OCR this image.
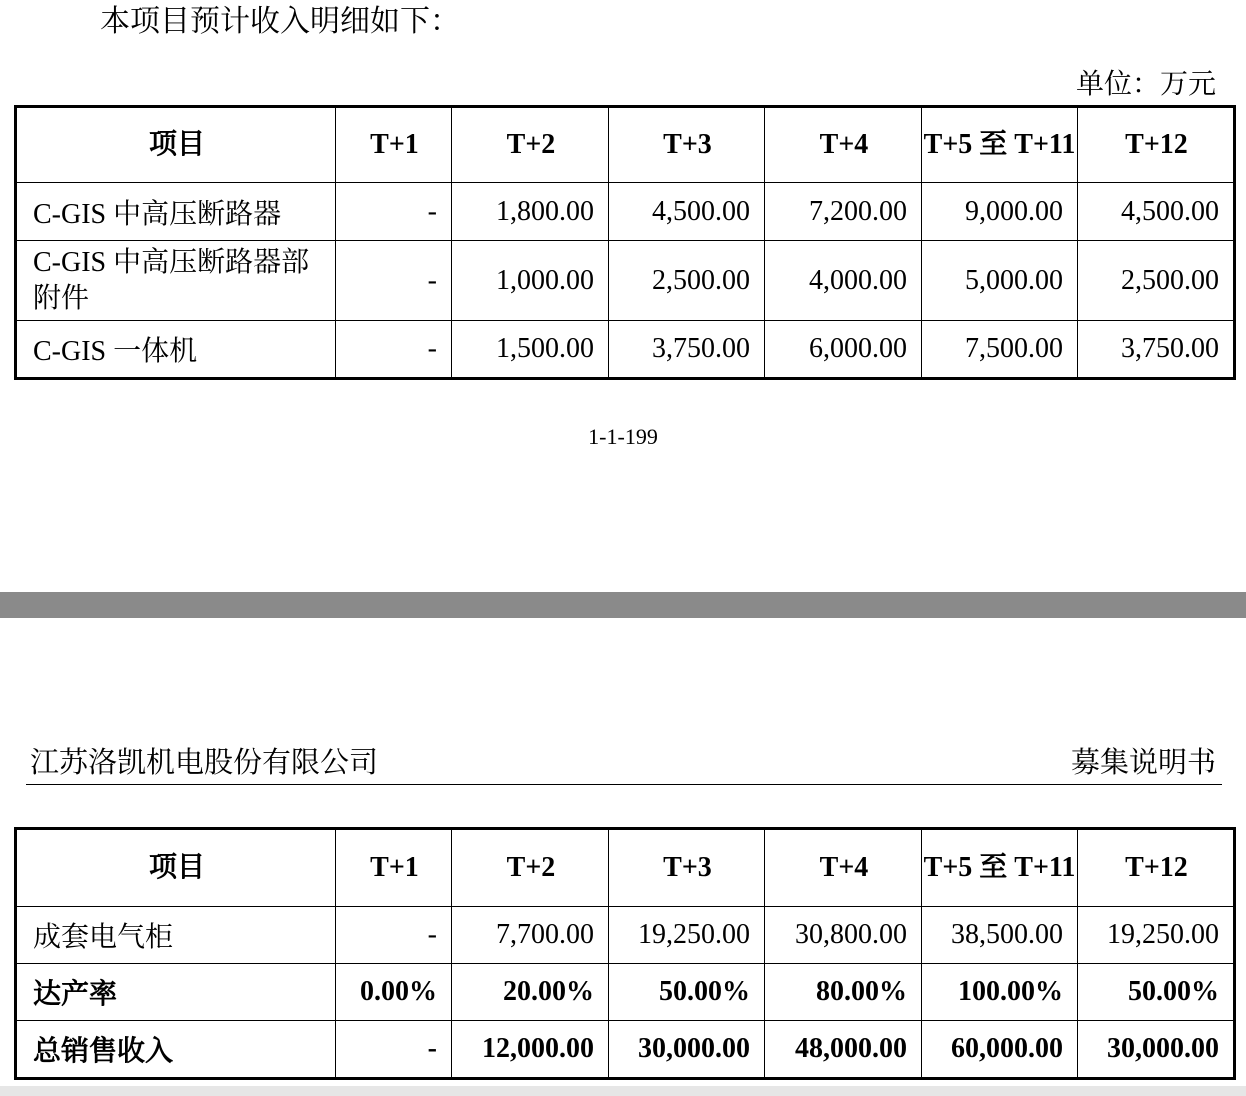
本项目预计收入明细如下：
单位：万元
项目	T+1	T+2	T+3	T+4	T+5 至 T+11	T+12
C-GIS 中高压断路器	-	1,800.00	4,500.00	7,200.00	9,000.00	4,500.00
C-GIS 中高压断路器部附件	-	1,000.00	2,500.00	4,000.00	5,000.00	2,500.00
C-GIS 一体机	-	1,500.00	3,750.00	6,000.00	7,500.00	3,750.00
1-1-199
江苏洛凯机电股份有限公司	募集说明书
项目	T+1	T+2	T+3	T+4	T+5 至 T+11	T+12
成套电气柜	-	7,700.00	19,250.00	30,800.00	38,500.00	19,250.00
达产率	0.00%	20.00%	50.00%	80.00%	100.00%	50.00%
总销售收入	-	12,000.00	30,000.00	48,000.00	60,000.00	30,000.00
